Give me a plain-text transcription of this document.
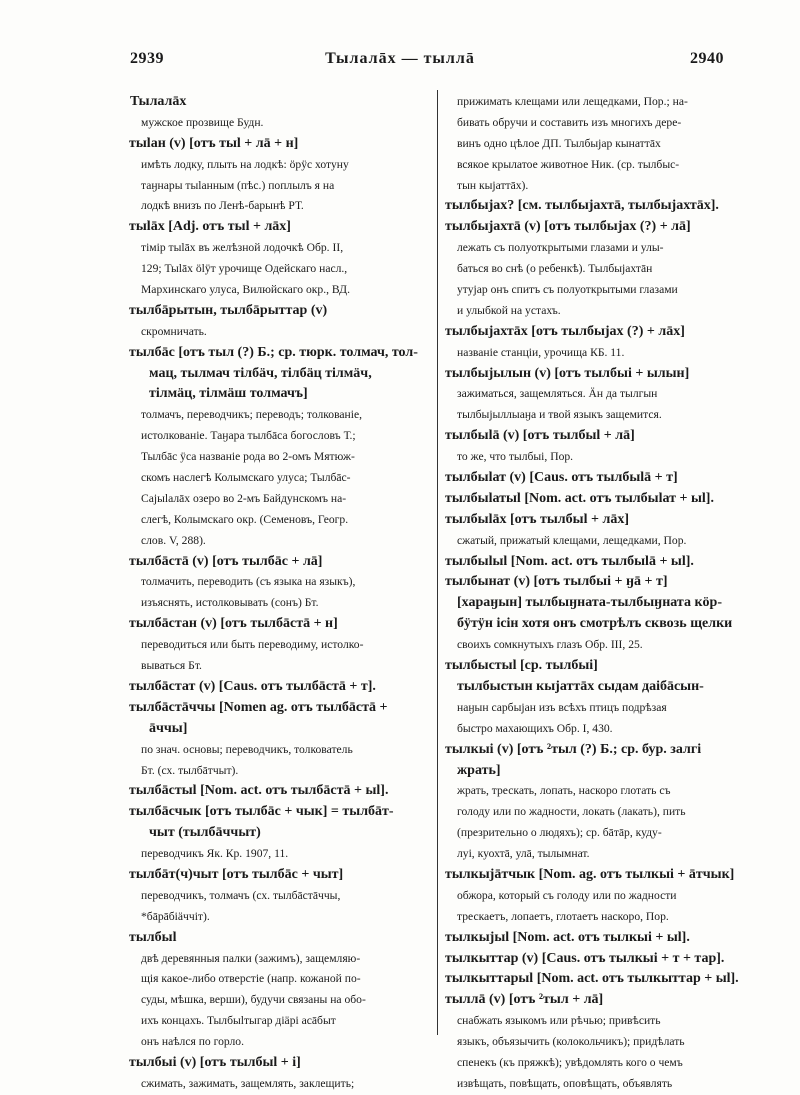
2939	Тылалāх — тыллā	2940
Тылалāх
мужское прозвище Будн.
тыlан (v) [отъ тыl + лā + н]
имѣть лодку, плыть на лодкѣ: ӧрӱс хотуну
таӈнары тыlанным (пѣс.) поплылъ я на
лодкѣ внизъ по Ленѣ-барынѣ РТ.
тыlāх [Adj. отъ тыl + лāх]
тімір тыlāх въ желѣзной лодочкѣ Обр. II,
129; Тыlāх ӧlӱт урочище Одейскаго насл.,
Мархинскаго улуса, Вилюйскаго окр., ВД.
тылбāрытын, тылбāрыттар (v)
скромничать.
тылбāс [отъ тыл (?) Б.; ср. тюрк. толмач, тол-
мац, тылмач тілбäч, тілбäц тілмäч,
тілмäц, тілмäш толмачъ]
толмачъ, переводчикъ; переводъ; толкованіе,
истолкованіе. Таӈара тылбāса богословъ Т.;
Тылбāс ӱса названіе рода во 2-омъ Мятюж-
скомъ наслегѣ Колымскаго улуса; Тылбāс-
Сајыlалāх озеро во 2-мъ Байдунскомъ на-
слегѣ, Колымскаго окр. (Семеновъ, Геогр.
слов. V, 288).
тылбāстā (v) [отъ тылбāс + лā]
толмачить, переводить (съ языка на языкъ),
изъяснять, истолковывать (сонъ) Бт.
тылбāстан (v) [отъ тылбāстā + н]
переводиться или быть переводиму, истолко-
вываться Бт.
тылбāстат (v) [Caus. отъ тылбāстā + т].
тылбāстāччы [Nomen ag. отъ тылбāстā +
āччы]
по знач. основы; переводчикъ, толкователь
Бт. (сх. тылбāтчыт).
тылбāстыl [Nom. act. отъ тылбāстā + ыl].
тылбāсчык [отъ тылбāс + чык] = тылбāт-
чыт (тылбāччыт)
переводчикъ Як. Кр. 1907, 11.
тылбāт(ч)чыт [отъ тылбāс + чыт]
переводчикъ, толмачъ (сх. тылбāстāччы,
*бāрāбіäччіт).
тылбыl
двѣ деревянныя палки (зажимъ), защемляю-
щія какое-либо отверстіе (напр. кожаной по-
суды, мѣшка, верши), будучи связаны на обо-
ихъ концахъ. Тылбыlтыгар діäрі асāбыт
онъ наѣлся по горло.
тылбыі (v) [отъ тылбыl + і]
сжимать, зажимать, защемлять, заклещить;
прижимать клещами или лещедками, Пор.; на-
бивать обручи и составить изъ многихъ дере-
винъ одно цѣлое ДП. Тылбыјар кынаттāх
всякое крылатое животное Ник. (ср. тылбыс-
тын кыјаттāх).
тылбыјах? [см. тылбыјахтā, тылбыјахтāх].
тылбыјахтā (v) [отъ тылбыјах (?) + лā]
лежать съ полуоткрытыми глазами и улы-
баться во снѣ (о ребенкѣ). Тылбыјахтāн
утуjар онъ спитъ съ полуоткрытыми глазами
и улыбкой на устахъ.
тылбыјахтāх [отъ тылбыјах (?) + лāх]
названіе станціи, урочища КБ. 11.
тылбыјылын (v) [отъ тылбыі + ылын]
зажиматься, защемляться. Äн да тылгын
тылбыјыллыаӈа и твой языкъ защемится.
тылбыlā (v) [отъ тылбыl + лā]
то же, что тылбыі, Пор.
тылбыlат (v) [Caus. отъ тылбыlā + т]
тылбыlатыl [Nom. act. отъ тылбыlат + ыl].
тылбыlāх [отъ тылбыl + лāх]
сжатый, прижатый клещами, лещедками, Пор.
тылбыlыl [Nom. act. отъ тылбыlā + ыl].
тылбынат (v) [отъ тылбыі + ӈā + т]
[хараӈын] тылбыӈната-тылбыӈната кӧр-
бӱтӱн ісін хотя онъ смотрѣлъ сквозь щелки
своихъ сомкнутыхъ глазъ Обр. III, 25.
тылбыстыl [ср. тылбыі]
тылбыстын кыјаттāх сыдам даiбāсын-
наӈын сарбыјан изъ всѣхъ птицъ подрѣзая
быстро махающихъ Обр. I, 430.
тылкыі (v) [отъ ²тыл (?) Б.; ср. бур. залгі
жрать]
жрать, трескать, лопать, наскоро глотать съ
голоду или по жадности, локать (лакать), пить
(презрительно о людяхъ); ср. бāтāр, куду-
луі, куохтā, улā, тылымнат.
тылкыјāтчык [Nom. ag. отъ тылкыі + āтчык]
обжора, который съ голоду или по жадности
трескаетъ, лопаетъ, глотаетъ наскоро, Пор.
тылкыјыl [Nom. act. отъ тылкыі + ыl].
тылкыттар (v) [Caus. отъ тылкыі + т + тар].
тылкыттарыl [Nom. act. отъ тылкыттар + ыl].
тыллā (v) [отъ ²тыл + лā]
снабжать языкомъ или рѣчью; привѣсить
языкъ, объязычить (колокольчикъ); придѣлать
спенекъ (къ пряжкѣ); увѣдомлять кого о чемъ
извѣщать, повѣщать, оповѣщать, объявлять
